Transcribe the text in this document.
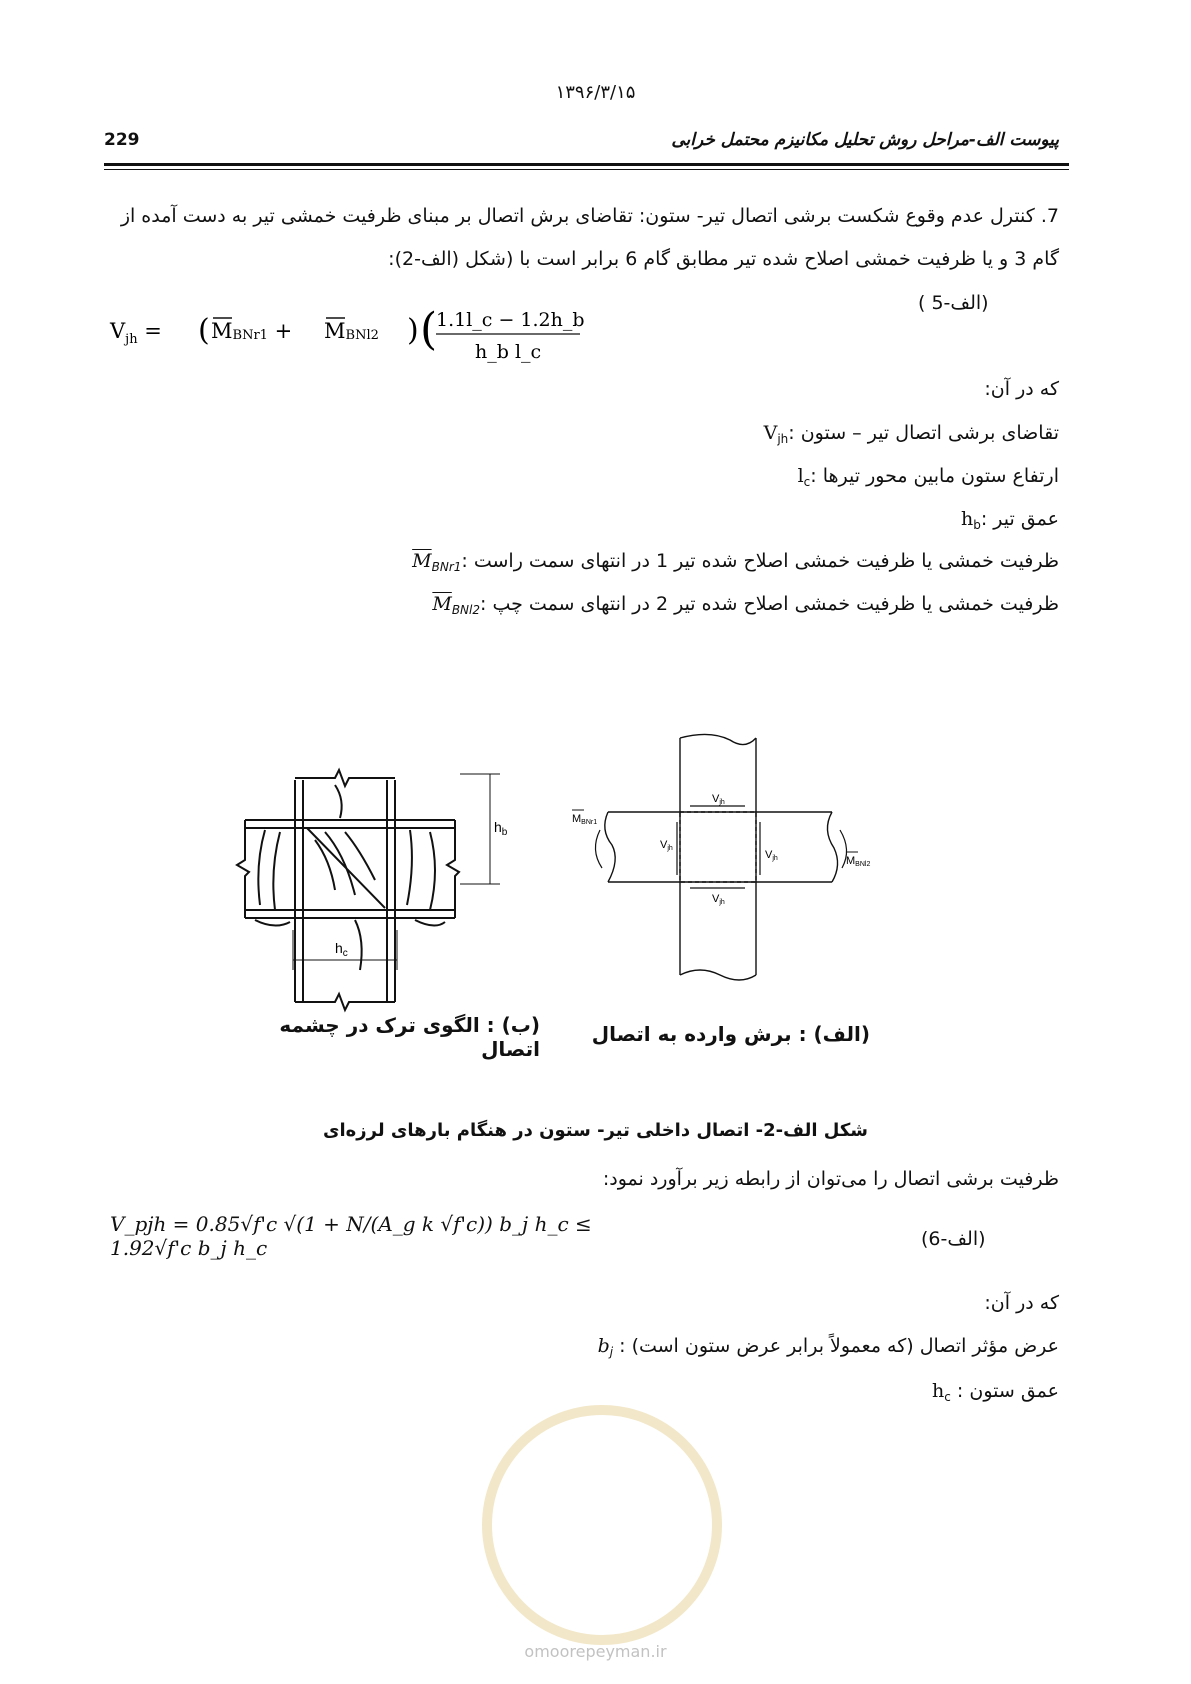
۱۳۹۶/۳/۱۵
229	پیوست الف-مراحل روش تحلیل مکانیزم محتمل خرابی
7. کنترل عدم وقوع شکست برشی اتصال تیر- ستون: تقاضای برش اتصال بر مبنای ظرفیت خمشی تیر به دست آمده از
گام 3 و یا ظرفیت خمشی اصلاح شده تیر مطابق گام 6 برابر است با (شکل (الف-2):
$V_{jh}$ = ( MBNr1 + MBNl2 ) (
1.1l_c − 1.2h_b
h_b l_c
(الف-5 )
که در آن:
$V_{jh}$: تقاضای برشی اتصال تیر – ستون
$l_c$: ارتفاع ستون مابین محور تیرها
$h_b$: عمق تیر
$M_{BNr1}$: ظرفیت خمشی یا ظرفیت خمشی اصلاح شده تیر 1 در انتهای سمت راست
$M_{BNl2}$: ظرفیت خمشی یا ظرفیت خمشی اصلاح شده تیر 2 در انتهای سمت چپ
$h_b$
$h_c$
Vjh
Vjh
Vjh
Vjh
MBNr1
MBNl2
(ب) : الگوی ترک در چشمه اتصال
(الف) : برش وارده به اتصال
شکل الف-2- اتصال داخلی تیر- ستون در هنگام بارهای لرزه‌ای
ظرفیت برشی اتصال را می‌توان از رابطه زیر برآورد نمود:
V_pjh = 0.85√f'c √(1 + N/(A_g k √f'c)) b_j h_c ≤ 1.92√f'c b_j h_c	(الف-6)
که در آن:
$b_j$ : عرض مؤثر اتصال (که معمولاً برابر عرض ستون است)
$h_c$ : عمق ستون
omoorepeyman.ir
